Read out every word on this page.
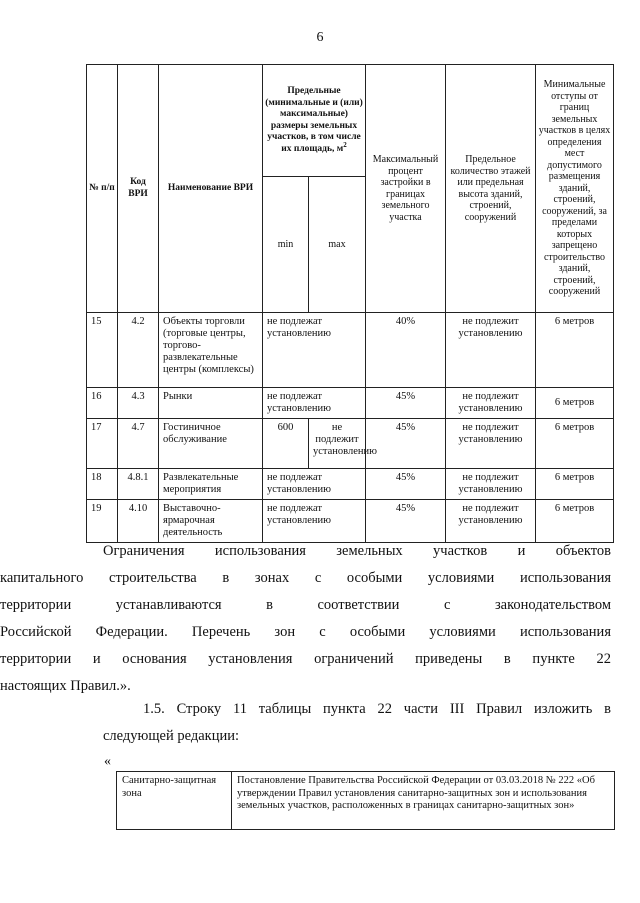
6
№ п/п	Код ВРИ	Наименование ВРИ	Предельные (минимальные и (или) максимальные) размеры земельных участков, в том числе их площадь, $м^2$		Максимальный процент застройки в границах земельного участка	Предельное количество этажей или предельная высота зданий, строений, сооружений	Минимальные отступы от границ земельных участков в целях определения мест допустимого размещения зданий, строений, сооружений, за пределами которых запрещено строительство зданий, строений, сооружений
			min	max			
15	4.2	Объекты торговли (торговые центры, торгово-развлекательные центры (комплексы)	не подлежат установлению		40%	не подлежит установлению	6 метров
16	4.3	Рынки	не подлежат установлению		45%	не подлежит установлению	6 метров
17	4.7	Гостиничное обслуживание	600	не подлежит установлению	45%	не подлежит установлению	6 метров
18	4.8.1	Развлекательные мероприятия	не подлежат установлению		45%	не подлежит установлению	6 метров
19	4.10	Выставочно-ярмарочная деятельность	не подлежат установлению		45%	не подлежит установлению	6 метров
Ограничения использования земельных участков и объектов
капитального строительства в зонах с особыми условиями использования
территории устанавливаются в соответствии с законодательством
Российской Федерации. Перечень зон с особыми условиями использования
территории и основания установления ограничений приведены в пункте 22
настоящих Правил.».
1.5. Строку 11 таблицы пункта 22 части III Правил изложить в
следующей редакции:
«
Санитарно-защитная зона	Постановление Правительства Российской Федерации от 03.03.2018 № 222 «Об утверждении Правил установления санитарно-защитных зон и использования земельных участков, расположенных в границах санитарно-защитных зон»
